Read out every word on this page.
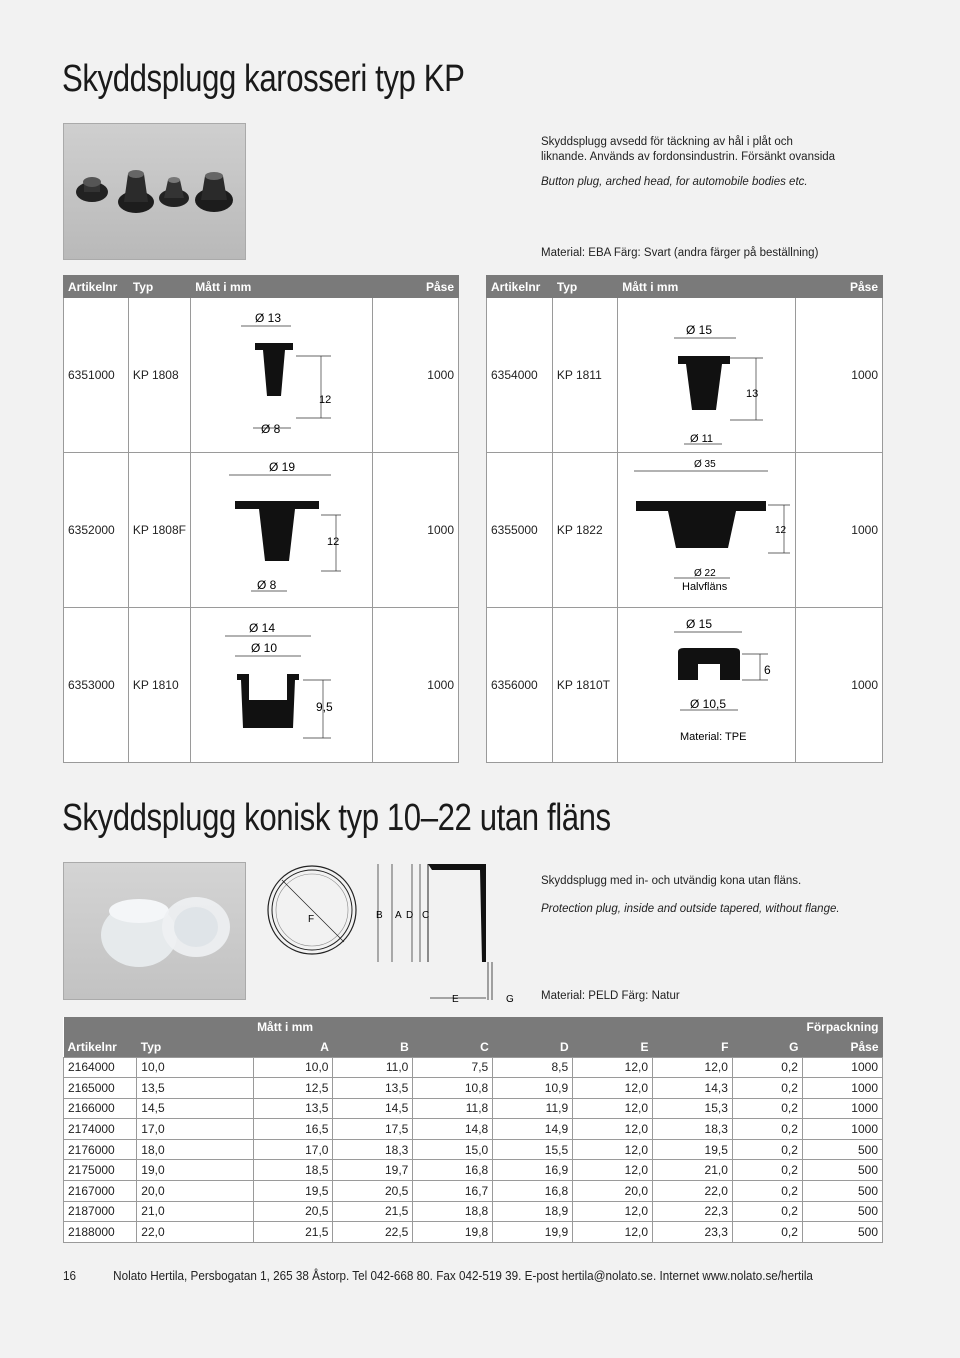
Skyddsplugg karosseri typ KP
Skyddsplugg avsedd för täckning av hål i plåt och liknande. Används av fordonsindustrin. Försänkt ovansida
Button plug, arched head, for automobile bodies etc.
Material: EBA Färg: Svart (andra färger på beställning)
Artikelnr	Typ	Mått i mm	Påse
6351000	KP 1808	Ø 13
12
Ø 8	1000
6352000	KP 1808F	Ø 19
12
Ø 8	1000
6353000	KP 1810	Ø 14
Ø 10
9,5	1000
Artikelnr	Typ	Mått i mm	Påse
6354000	KP 1811	Ø 15
13
Ø 11	1000
6355000	KP 1822	Ø 35
12
Ø 22
Halvfläns	1000
6356000	KP 1810T	Ø 15
6
Ø 10,5
Material: TPE	1000
Skyddsplugg konisk typ 10–22 utan fläns
F	B A D C
E	G
Skyddsplugg med in- och utvändig kona utan fläns.
Protection plug, inside and outside tapered, without flange.
Material: PELD Färg: Natur
		Mått i mm							Förpackning
Artikelnr	Typ	A	B	C	D	E	F	G	Påse
2164000	10,0	10,0	11,0	7,5	8,5	12,0	12,0	0,2	1000
2165000	13,5	12,5	13,5	10,8	10,9	12,0	14,3	0,2	1000
2166000	14,5	13,5	14,5	11,8	11,9	12,0	15,3	0,2	1000
2174000	17,0	16,5	17,5	14,8	14,9	12,0	18,3	0,2	1000
2176000	18,0	17,0	18,3	15,0	15,5	12,0	19,5	0,2	500
2175000	19,0	18,5	19,7	16,8	16,9	12,0	21,0	0,2	500
2167000	20,0	19,5	20,5	16,7	16,8	20,0	22,0	0,2	500
2187000	21,0	20,5	21,5	18,8	18,9	12,0	22,3	0,2	500
2188000	22,0	21,5	22,5	19,8	19,9	12,0	23,3	0,2	500
16	Nolato Hertila, Persbogatan 1, 265 38 Åstorp. Tel 042-668 80. Fax 042-519 39. E-post hertila@nolato.se. Internet www.nolato.se/hertila
